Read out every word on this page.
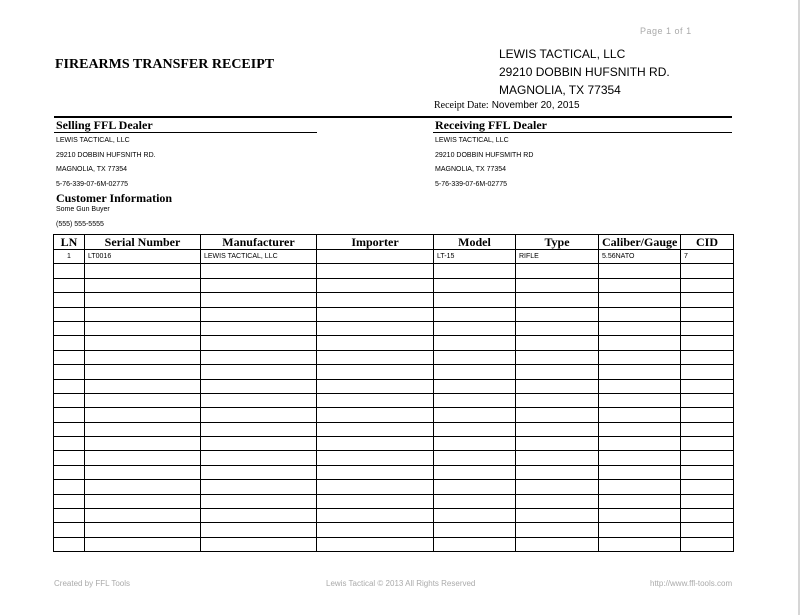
Page 1 of 1
FIREARMS TRANSFER RECEIPT
LEWIS TACTICAL, LLC
29210 DOBBIN HUFSNITH RD.
MAGNOLIA, TX 77354
Receipt Date: November 20, 2015
Selling FFL Dealer
LEWIS TACTICAL, LLC
29210 DOBBIN HUFSNITH RD.
MAGNOLIA, TX 77354
5-76-339-07-6M-02775
Receiving FFL Dealer
LEWIS TACTICAL, LLC
29210 DOBBIN HUFSMITH RD
MAGNOLIA, TX 77354
5-76-339-07-6M-02775
Customer Information
Some Gun Buyer
(555) 555-5555
LN	Serial Number	Manufacturer	Importer	Model	Type	Caliber/Gauge	CID
1	LT0016	LEWIS TACTICAL, LLC		LT-15	RIFLE	5.56NATO	7

Created by FFL Tools	Lewis Tactical © 2013 All Rights Reserved	http://www.ffl-tools.com
